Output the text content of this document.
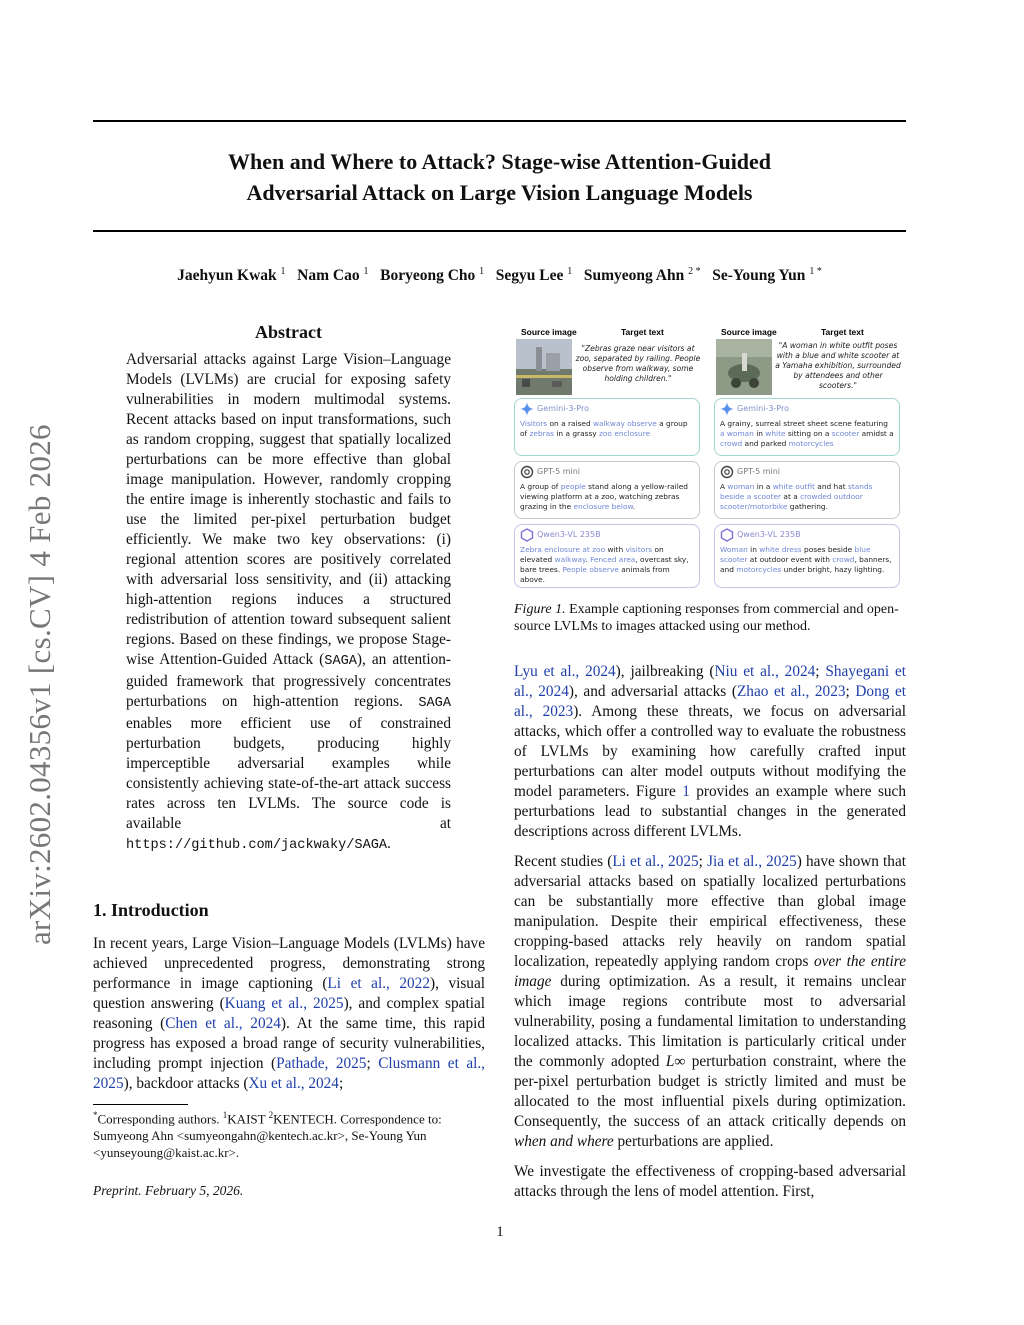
When and Where to Attack? Stage-wise Attention-Guided
Adversarial Attack on Large Vision Language Models
Jaehyun Kwak $^1$ Nam Cao $^1$ Boryeong Cho $^1$ Segyu Lee $^1$ Sumyeong Ahn $^{2 *}$ Se-Young Yun $^{1 *}$
arXiv:2602.04356v1 [cs.CV] 4 Feb 2026
Abstract
Adversarial attacks against Large Vision–Language Models (LVLMs) are crucial for exposing safety vulnerabilities in modern multimodal systems. Recent attacks based on input transformations, such as random cropping, suggest that spatially localized perturbations can be more effective than global image manipulation. However, randomly cropping the entire image is inherently stochastic and fails to use the limited per-pixel perturbation budget efficiently. We make two key observations: (i) regional attention scores are positively correlated with adversarial loss sensitivity, and (ii) attacking high-attention regions induces a structured redistribution of attention toward subsequent salient regions. Based on these findings, we propose Stage-wise Attention-Guided Attack (SAGA), an attention-guided framework that progressively concentrates perturbations on high-attention regions. SAGA enables more efficient use of constrained perturbation budgets, producing highly imperceptible adversarial examples while consistently achieving state-of-the-art attack success rates across ten LVLMs. The source code is available at https://github.com/jackwaky/SAGA.
1. Introduction
In recent years, Large Vision–Language Models (LVLMs) have achieved unprecedented progress, demonstrating strong performance in image captioning (Li et al., 2022), visual question answering (Kuang et al., 2025), and complex spatial reasoning (Chen et al., 2024). At the same time, this rapid progress has exposed a broad range of security vulnerabilities, including prompt injection (Pathade, 2025; Clusmann et al., 2025), backdoor attacks (Xu et al., 2024;
*Corresponding authors. $^1$KAIST $^2$KENTECH. Correspondence to: Sumyeong Ahn <sumyeongahn@kentech.ac.kr>, Se-Young Yun <yunseyoung@kaist.ac.kr>.
Preprint. February 5, 2026.
1
Source image	Target text
"Zebras graze near visitors at zoo, separated by railing. People observe from walkway, some holding children."
Gemini-3-Pro
Visitors on a raised walkway observe a group of zebras in a grassy zoo enclosure
GPT-5 mini
A group of people stand along a yellow-railed viewing platform at a zoo, watching zebras grazing in the enclosure below.
Qwen3-VL 235B
Zebra enclosure at zoo with visitors on elevated walkway. Fenced area, overcast sky, bare trees. People observe animals from above.
Source image	Target text
"A woman in white outfit poses with a blue and white scooter at a Yamaha exhibition, surrounded by attendees and other scooters."
Gemini-3-Pro
A grainy, surreal street sheet scene featuring a woman in white sitting on a scooter amidst a crowd and parked motorcycles
GPT-5 mini
A woman in a white outfit and hat stands beside a scooter at a crowded outdoor scooter/motorbike gathering.
Qwen3-VL 235B
Woman in white dress poses beside blue scooter at outdoor event with crowd, banners, and motorcycles under bright, hazy lighting.
Figure 1. Example captioning responses from commercial and open-source LVLMs to images attacked using our method.
Lyu et al., 2024), jailbreaking (Niu et al., 2024; Shayegani et al., 2024), and adversarial attacks (Zhao et al., 2023; Dong et al., 2023). Among these threats, we focus on adversarial attacks, which offer a controlled way to evaluate the robustness of LVLMs by examining how carefully crafted input perturbations can alter model outputs without modifying the model parameters. Figure 1 provides an example where such perturbations lead to substantial changes in the generated descriptions across different LVLMs.
Recent studies (Li et al., 2025; Jia et al., 2025) have shown that adversarial attacks based on spatially localized perturbations can be substantially more effective than global image manipulation. Despite their empirical effectiveness, these cropping-based attacks rely heavily on random spatial localization, repeatedly applying random crops over the entire image during optimization. As a result, it remains unclear which image regions contribute most to adversarial vulnerability, posing a fundamental limitation to understanding localized attacks. This limitation is particularly critical under the commonly adopted L∞ perturbation constraint, where the per-pixel perturbation budget is strictly limited and must be allocated to the most influential pixels during optimization. Consequently, the success of an attack critically depends on when and where perturbations are applied.
We investigate the effectiveness of cropping-based adversarial attacks through the lens of model attention. First,
